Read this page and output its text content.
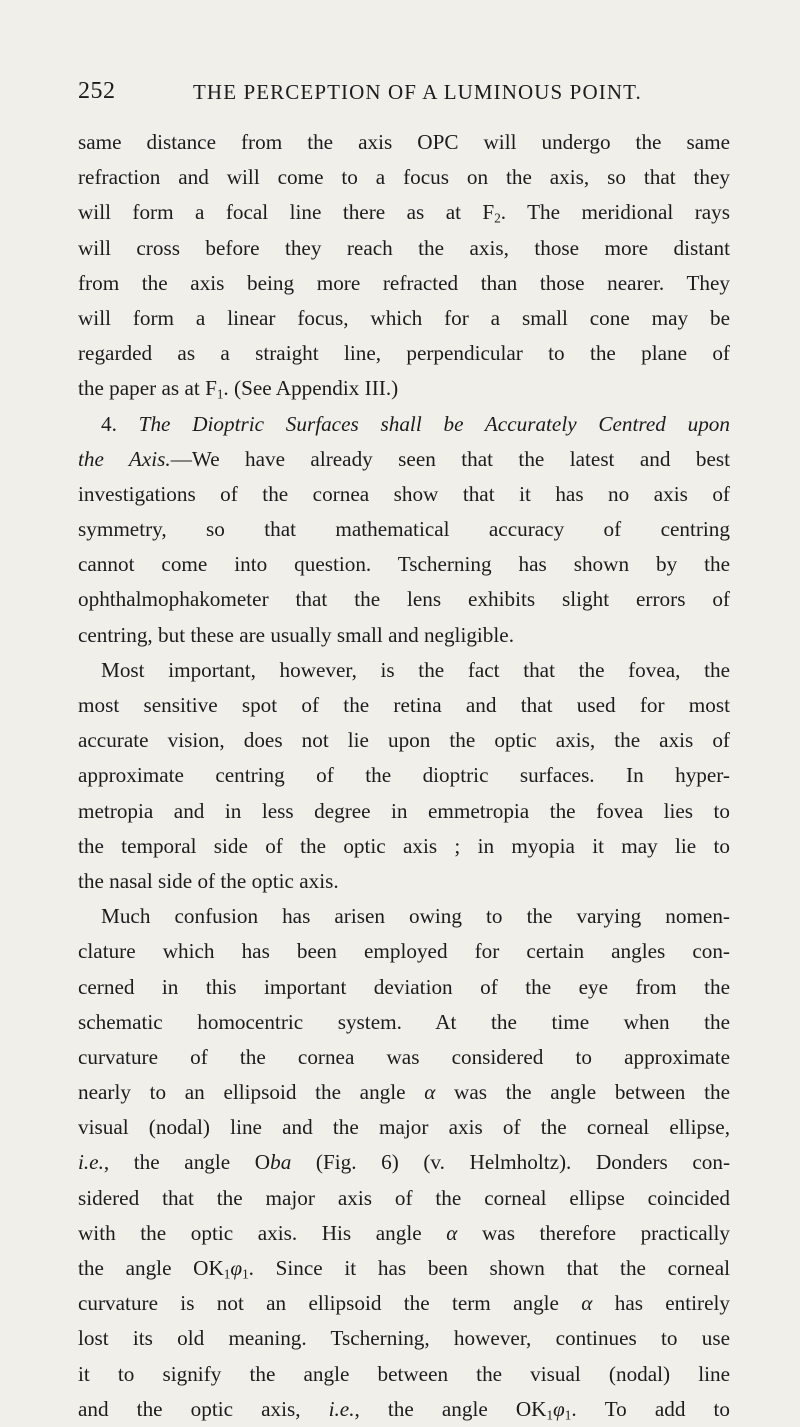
252	THE PERCEPTION OF A LUMINOUS POINT.
same distance from the axis OPC will undergo the same
refraction and will come to a focus on the axis, so that they
will form a focal line there as at $F_2$. The meridional rays
will cross before they reach the axis, those more distant
from the axis being more refracted than those nearer. They
will form a linear focus, which for a small cone may be
regarded as a straight line, perpendicular to the plane of
the paper as at $F_1$. (See Appendix III.)
4. The Dioptric Surfaces shall be Accurately Centred upon
the Axis.—We have already seen that the latest and best
investigations of the cornea show that it has no axis of
symmetry, so that mathematical accuracy of centring
cannot come into question. Tscherning has shown by the
ophthalmophakometer that the lens exhibits slight errors of
centring, but these are usually small and negligible.
Most important, however, is the fact that the fovea, the
most sensitive spot of the retina and that used for most
accurate vision, does not lie upon the optic axis, the axis of
approximate centring of the dioptric surfaces. In hyper-
metropia and in less degree in emmetropia the fovea lies to
the temporal side of the optic axis ; in myopia it may lie to
the nasal side of the optic axis.
Much confusion has arisen owing to the varying nomen-
clature which has been employed for certain angles con-
cerned in this important deviation of the eye from the
schematic homocentric system. At the time when the
curvature of the cornea was considered to approximate
nearly to an ellipsoid the angle α was the angle between the
visual (nodal) line and the major axis of the corneal ellipse,
i.e., the angle Oba (Fig. 6) (v. Helmholtz). Donders con-
sidered that the major axis of the corneal ellipse coincided
with the optic axis. His angle α was therefore practically
the angle $OK_1\varphi_1$. Since it has been shown that the corneal
curvature is not an ellipsoid the term angle α has entirely
lost its old meaning. Tscherning, however, continues to use
it to signify the angle between the visual (nodal) line
and the optic axis, i.e., the angle $OK_1\varphi_1$. To add to
